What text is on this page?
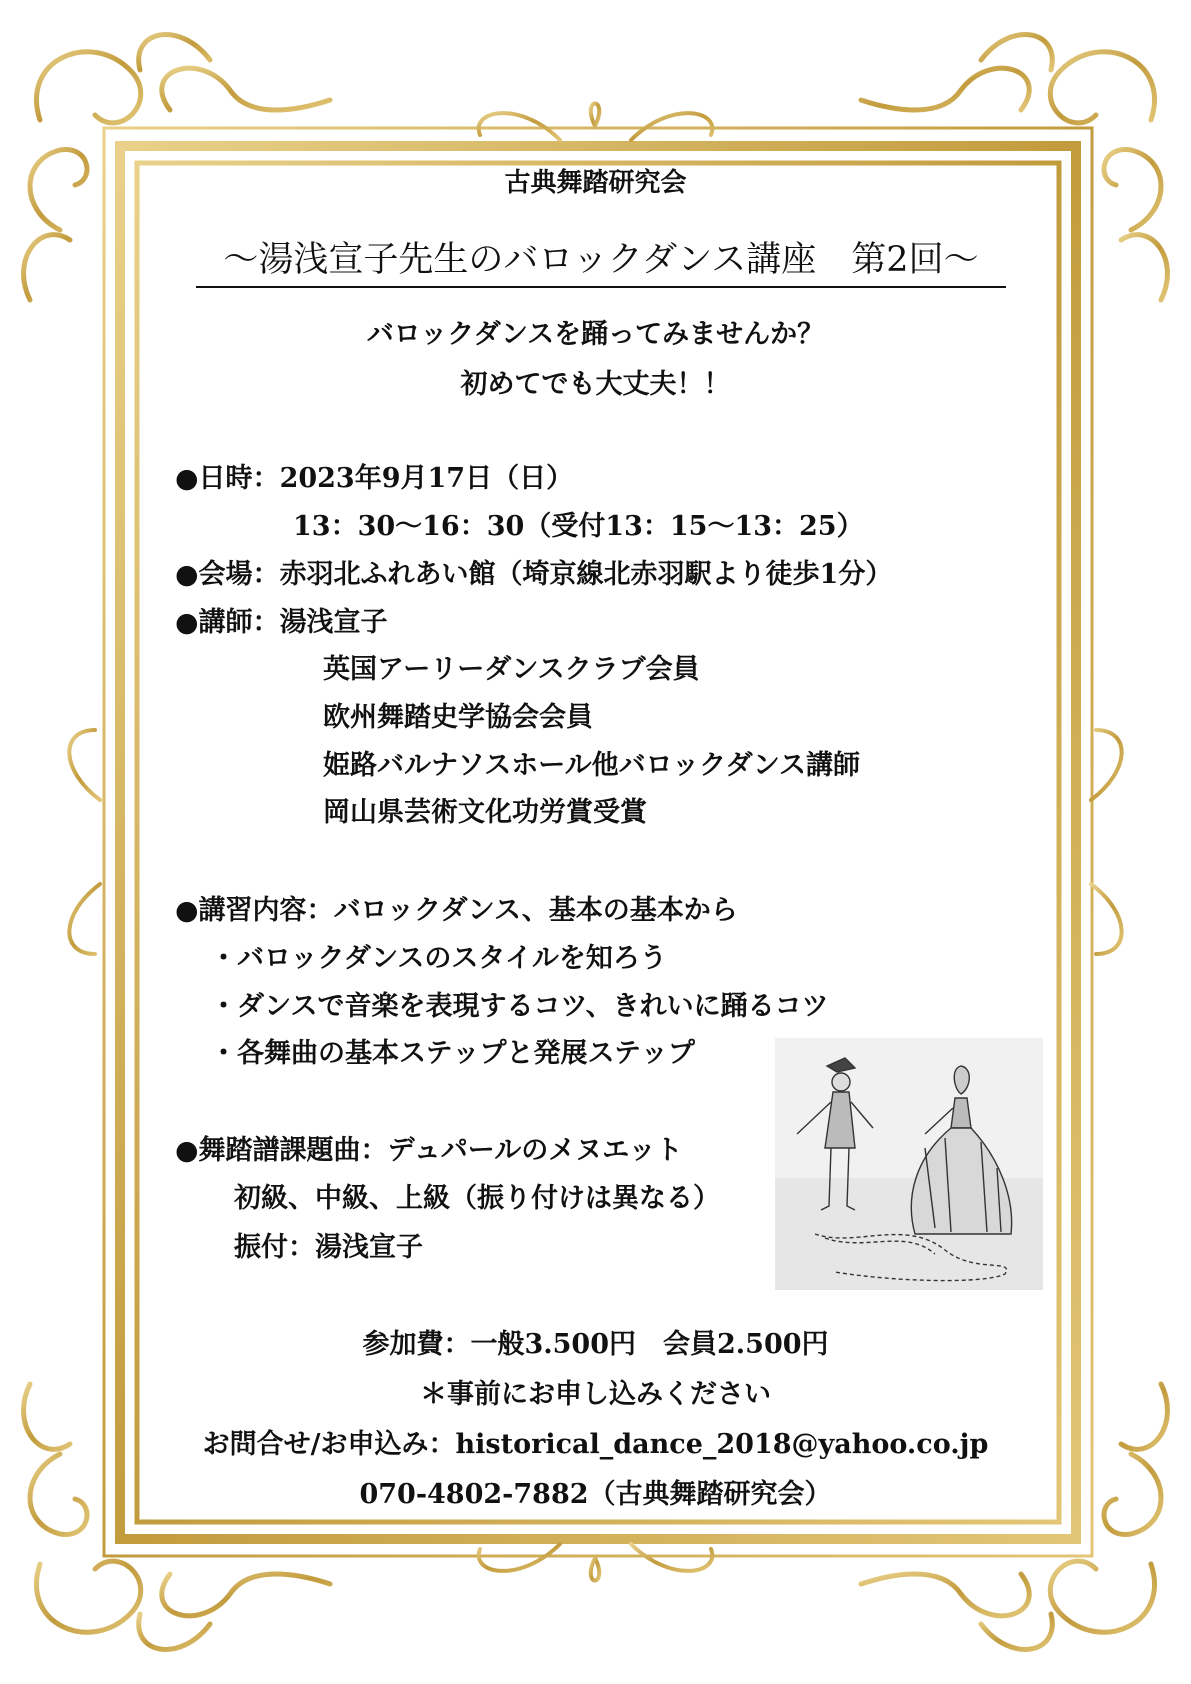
古典舞踏研究会

～湯浅宣子先生のバロックダンス講座　第2回～

バロックダンスを踊ってみませんか？

初めてでも大丈夫！！

●日時：2023年9月17日（日）
13：30～16：30（受付13：15～13：25）
●会場：赤羽北ふれあい館（埼京線北赤羽駅より徒歩1分）
●講師：湯浅宣子
英国アーリーダンスクラブ会員
欧州舞踏史学協会会員
姫路バルナソスホール他バロックダンス講師
岡山県芸術文化功労賞受賞
●講習内容：バロックダンス、基本の基本から
・バロックダンスのスタイルを知ろう
・ダンスで音楽を表現するコツ、きれいに踊るコツ
・各舞曲の基本ステップと発展ステップ
●舞踏譜課題曲：デュパールのメヌエット
初級、中級、上級（振り付けは異なる）
振付：湯浅宣子

参加費：一般3.500円　 会員2.500円

＊事前にお申し込みください

お問合せ/お申込み：historical_dance_2018@yahoo.co.jp

070-4802-7882（古典舞踏研究会）
